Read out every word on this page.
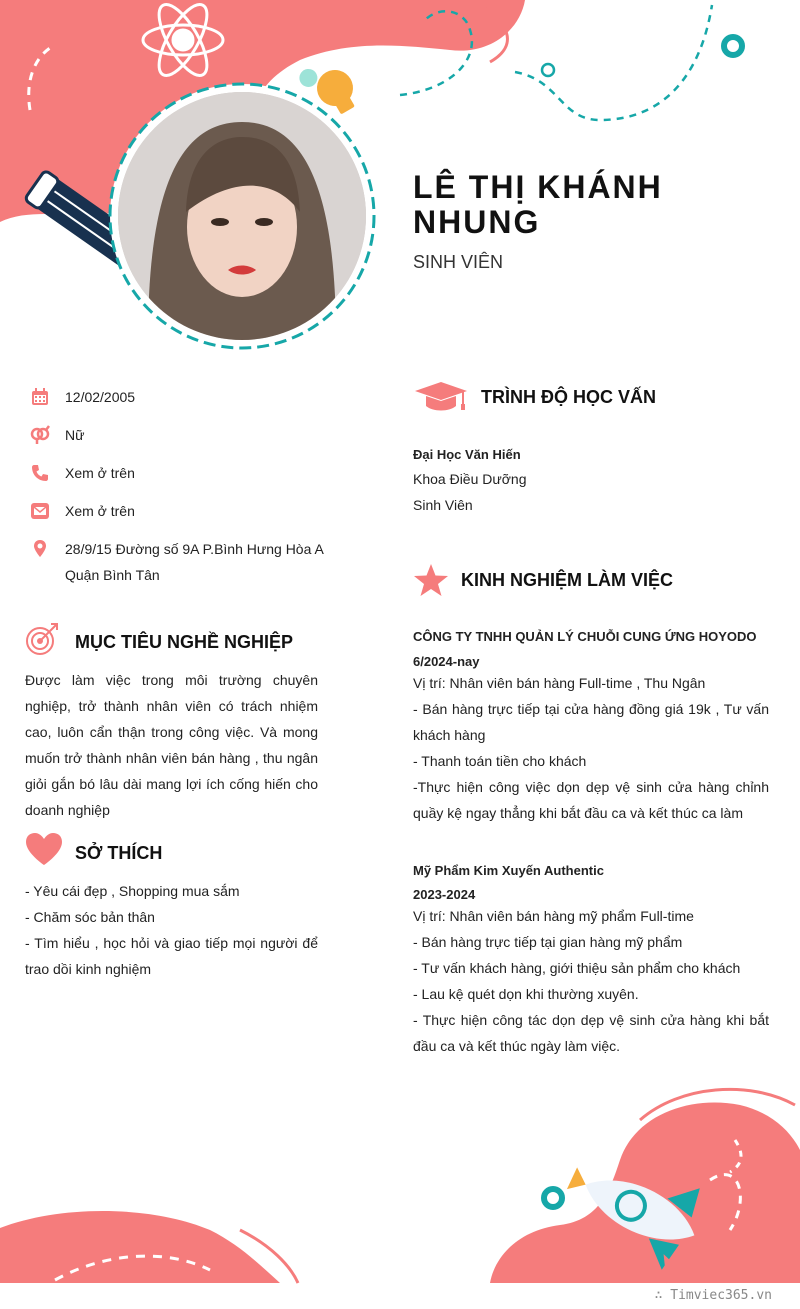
LÊ THỊ KHÁNH NHUNG
SINH VIÊN
12/02/2005
Nữ
Xem ở trên
Xem ở trên
28/9/15 Đường số 9A P.Bình Hưng Hòa A Quận Bình Tân
MỤC TIÊU NGHỀ NGHIỆP
Được làm việc trong môi trường chuyên nghiệp, trở thành nhân viên có trách nhiệm cao, luôn cẩn thận trong công việc. Và mong muốn trở thành nhân viên bán hàng , thu ngân giỏi gắn bó lâu dài mang lợi ích cống hiến cho doanh nghiệp
SỞ THÍCH
- Yêu cái đẹp , Shopping mua sắm
- Chăm sóc bản thân
- Tìm hiểu , học hỏi và giao tiếp mọi người để trao dồi kinh nghiệm
TRÌNH ĐỘ HỌC VẤN
Đại Học Văn Hiến
Khoa Điều Dưỡng
Sinh Viên
KINH NGHIỆM LÀM VIỆC
CÔNG TY TNHH QUẢN LÝ CHUỖI CUNG ỨNG HOYODO
6/2024-nay
Vị trí: Nhân viên bán hàng Full-time , Thu Ngân
- Bán hàng trực tiếp tại cửa hàng đồng giá 19k , Tư vấn khách hàng
- Thanh toán tiền cho khách
-Thực hiện công việc dọn dẹp vệ sinh cửa hàng chỉnh quầy kệ ngay thẳng khi bắt đầu ca và kết thúc ca làm
Mỹ Phẩm Kim Xuyến Authentic
2023-2024
Vị trí: Nhân viên bán hàng mỹ phẩm Full-time
- Bán hàng trực tiếp tại gian hàng mỹ phẩm
- Tư vấn khách hàng, giới thiệu sản phẩm cho khách
- Lau kệ quét dọn khi thường xuyên.
- Thực hiện công tác dọn dẹp vệ sinh cửa hàng khi bắt đầu ca và kết thúc ngày làm việc.
∴ Timviec365.vn
